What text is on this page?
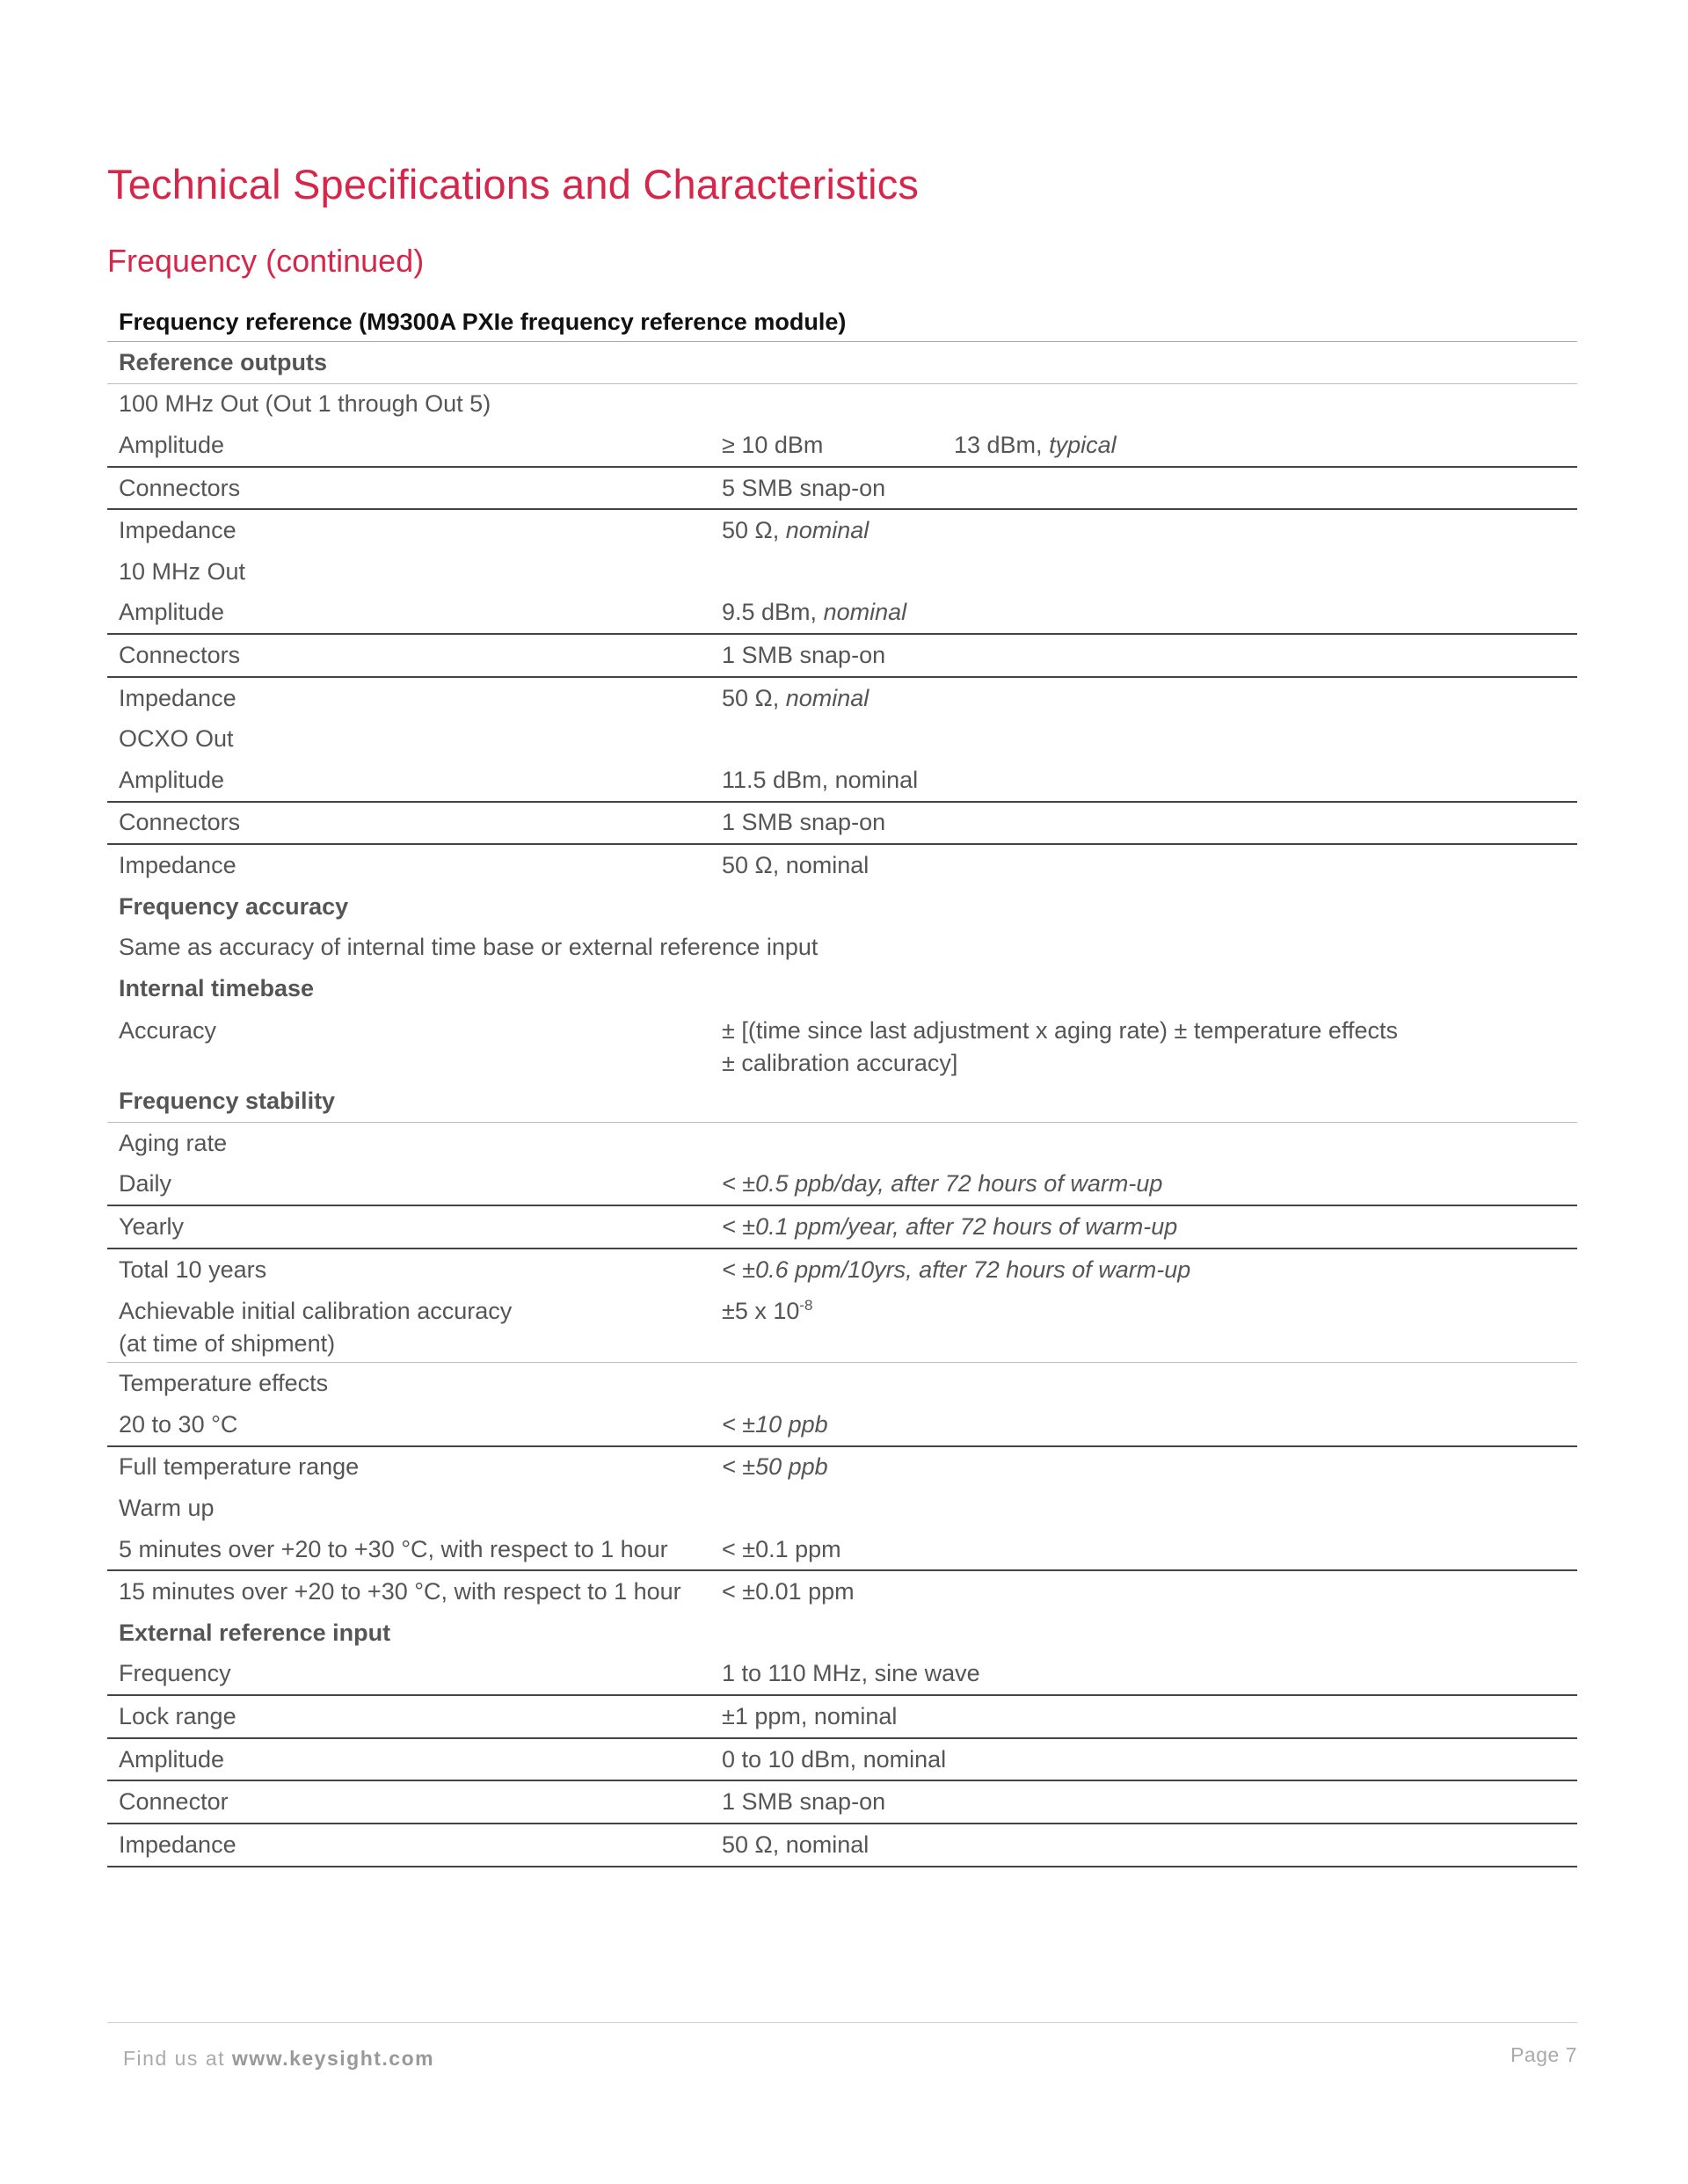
Technical Specifications and Characteristics
Frequency (continued)
Frequency reference (M9300A PXIe frequency reference module)		
Reference outputs		
100 MHz Out (Out 1 through Out 5)		
Amplitude	≥ 10 dBm	13 dBm, typical
Connectors	5 SMB snap-on	
Impedance	50 Ω, nominal	
10 MHz Out		
Amplitude	9.5 dBm, nominal	
Connectors	1 SMB snap-on	
Impedance	50 Ω, nominal	
OCXO Out		
Amplitude	11.5 dBm, nominal	
Connectors	1 SMB snap-on	
Impedance	50 Ω, nominal	
Frequency accuracy		
Same as accuracy of internal time base or external reference input		
Internal timebase		
Accuracy	± [(time since last adjustment x aging rate) ± temperature effects
± calibration accuracy]	

Frequency stability		
Aging rate		
Daily	< ±0.5 ppb/day, after 72 hours of warm-up	
Yearly	< ±0.1 ppm/year, after 72 hours of warm-up	
Total 10 years	< ±0.6 ppm/10yrs, after 72 hours of warm-up	

Achievable initial calibration accuracy
(at time of shipment)	±5 x $10^{-8}$
Temperature effects		
20 to 30 °C	< ±10 ppb	
Full temperature range	< ±50 ppb	
Warm up		
5 minutes over +20 to +30 °C, with respect to 1 hour	< ±0.1 ppm	
15 minutes over +20 to +30 °C, with respect to 1 hour	< ±0.01 ppm	
External reference input		
Frequency	1 to 110 MHz, sine wave	
Lock range	±1 ppm, nominal	
Amplitude	0 to 10 dBm, nominal	
Connector	1 SMB snap-on	
Impedance	50 Ω, nominal	
Find us at www.keysight.com	Page 7
